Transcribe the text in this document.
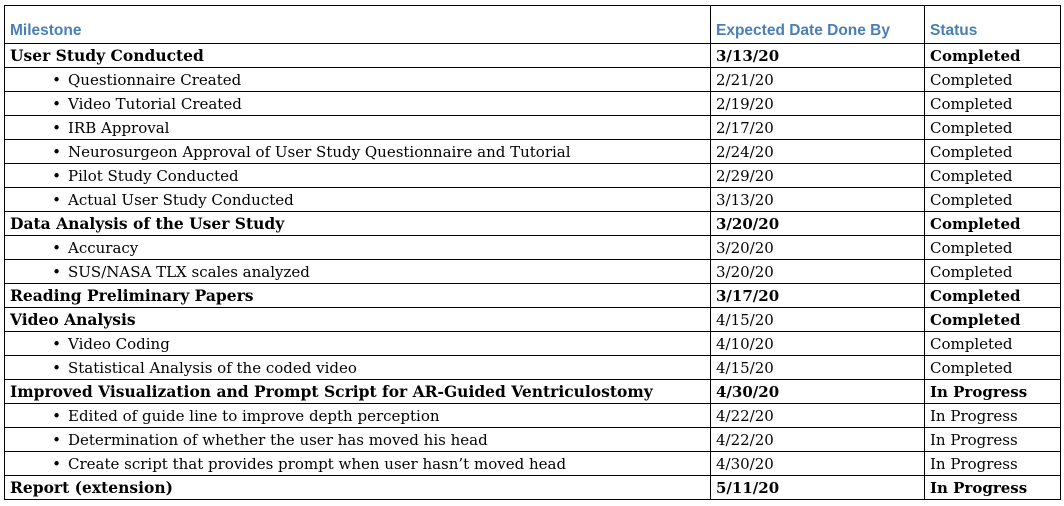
Milestone	Expected Date Done By	Status
User Study Conducted	3/13/20	Completed
• Questionnaire Created	2/21/20	Completed
• Video Tutorial Created	2/19/20	Completed
• IRB Approval	2/17/20	Completed
• Neurosurgeon Approval of User Study Questionnaire and Tutorial	2/24/20	Completed
• Pilot Study Conducted	2/29/20	Completed
• Actual User Study Conducted	3/13/20	Completed
Data Analysis of the User Study	3/20/20	Completed
• Accuracy	3/20/20	Completed
• SUS/NASA TLX scales analyzed	3/20/20	Completed
Reading Preliminary Papers	3/17/20	Completed
Video Analysis	4/15/20	Completed
• Video Coding	4/10/20	Completed
• Statistical Analysis of the coded video	4/15/20	Completed
Improved Visualization and Prompt Script for AR-Guided Ventriculostomy	4/30/20	In Progress
• Edited of guide line to improve depth perception	4/22/20	In Progress
• Determination of whether the user has moved his head	4/22/20	In Progress
• Create script that provides prompt when user hasn’t moved head	4/30/20	In Progress
Report (extension)	5/11/20	In Progress
